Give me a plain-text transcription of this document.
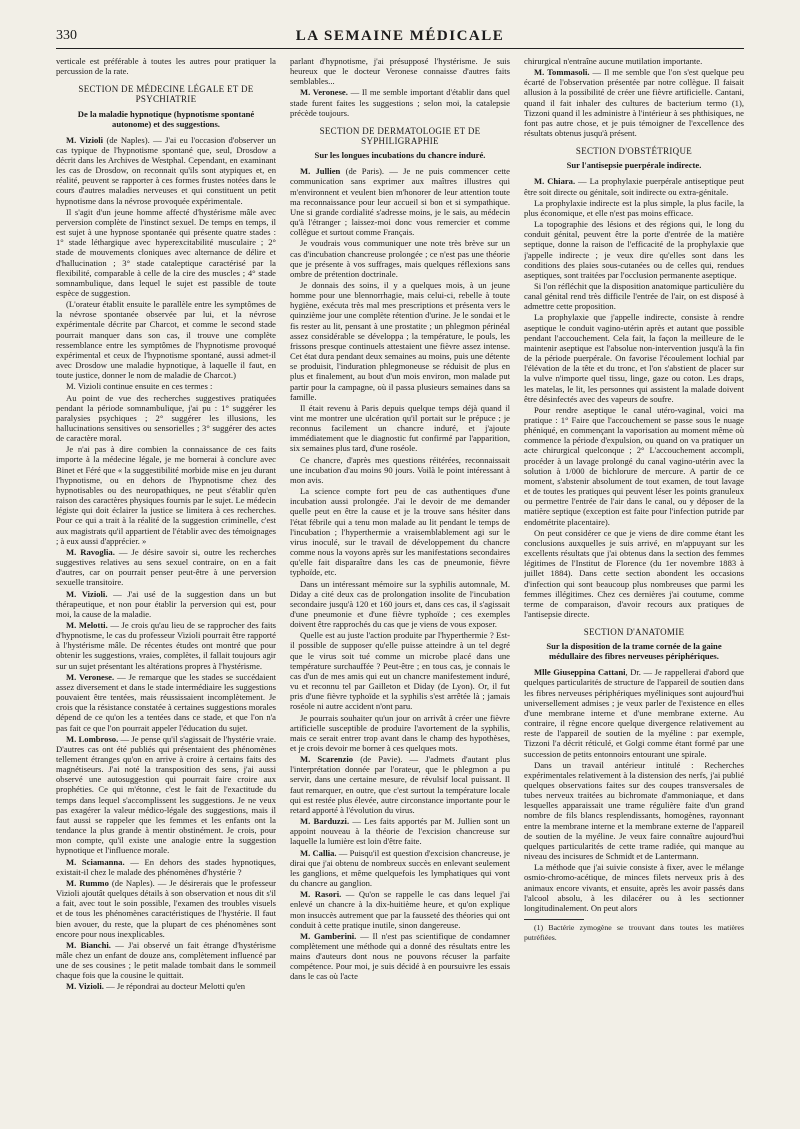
330	LA SEMAINE MÉDICALE

verticale est préférable à toutes les autres pour pratiquer la percussion de la rate.

SECTION DE MÉDECINE LÉGALE ET DE PSYCHIATRIE
De la maladie hypnotique (hypnotisme spontané autonome) et des suggestions.

M. Vizioli (de Naples). — J'ai eu l'occasion d'observer un cas typique de l'hypnotisme spontané que, seul, Drosdow a décrit dans les Archives de Westphal. Cependant, en examinant les cas de Drosdow, on reconnait qu'ils sont atypiques et, en réalité, peuvent se rapporter à ces formes frustes notées dans le cours d'autres maladies nerveuses et qui constituent un petit hypnotisme dans la névrose provoquée expérimentale.

Il s'agit d'un jeune homme affecté d'hystérisme mâle avec perversion complète de l'instinct sexuel. De temps en temps, il est sujet à une hypnose spontanée qui présente quatre stades : 1° stade léthargique avec hyperexcitabilité musculaire ; 2° stade de mouvements cloniques avec alternance de délire et d'hallucination ; 3° stade cataleptique caractérisé par la flexibilité, comparable à celle de la cire des muscles ; 4° stade somnambulique, dans lequel le sujet est passible de toute espèce de suggestion.

(L'orateur établit ensuite le parallèle entre les symptômes de la névrose spontanée observée par lui, et la névrose expérimentale décrite par Charcot, et comme le second stade pourrait manquer dans son cas, il trouve une complète ressemblance entre les symptômes de l'hypnotisme provoqué expérimental et ceux de l'hypnotisme spontané, aussi admet-il avec Drosdow une maladie hypnotique, à laquelle il faut, en toute justice, donner le nom de maladie de Charcot.)

M. Vizioli continue ensuite en ces termes :

Au point de vue des recherches suggestives pratiquées pendant la période somnambulique, j'ai pu : 1° suggérer les paralysies psychiques ; 2° suggérer les illusions, les hallucinations sensitives ou sensorielles ; 3° suggérer des actes de caractère moral.

Je n'ai pas à dire combien la connaissance de ces faits importe à la médecine légale, je me bornerai à conclure avec Binet et Féré que « la suggestibilité morbide mise en jeu durant l'hypnotisme, ou en dehors de l'hypnotisme chez des hypnotisables ou des neuropathiques, ne peut s'établir qu'en raison des caractères physiques fournis par le sujet. Le médecin légiste qui doit éclairer la justice se limitera à ces recherches. Pour ce qui a trait à la réalité de la suggestion criminelle, c'est aux magistrats qu'il appartient de l'établir avec des témoignages ; à eux aussi d'apprécier. »

M. Ravoglia. — Je désire savoir si, outre les recherches suggestives relatives au sens sexuel contraire, on en a fait d'autres, car on pourrait penser peut-être à une perversion sexuelle transitoire.

M. Vizioli. — J'ai usé de la suggestion dans un but thérapeutique, et non pour établir la perversion qui est, pour moi, la cause de la maladie.

M. Melotti. — Je crois qu'au lieu de se rapprocher des faits d'hypnotisme, le cas du professeur Vizioli pourrait être rapporté à l'hystérisme mâle. De récentes études ont montré que pour obtenir les suggestions, vraies, complètes, il fallait toujours agir sur un sujet présentant les altérations propres à l'hystérisme.

M. Veronese. — Je remarque que les stades se succédaient assez diversement et dans le stade intermédiaire les suggestions pouvaient être tentées, mais réussissaient incomplètement. Je crois que la résistance constatée à certaines suggestions morales dépend de ce qu'on les a tentées dans ce stade, et que l'on n'a pas fait ce que l'on pourrait appeler l'éducation du sujet.

M. Lombroso. — Je pense qu'il s'agissait de l'hystérie vraie. D'autres cas ont été publiés qui présentaient des phénomènes tellement étranges qu'on en arrive à croire à certains faits des magnétiseurs. J'ai noté la transposition des sens, j'ai aussi observé une autosuggestion qui pourrait faire croire aux prophéties. Ce qui m'étonne, c'est le fait de l'exactitude du temps dans lequel s'accomplissent les suggestions. Je ne veux pas exagérer la valeur médico-légale des suggestions, mais il faut aussi se rappeler que les femmes et les enfants ont la tendance la plus grande à mentir obstinément. Je crois, pour mon compte, qu'il existe une analogie entre la suggestion hypnotique et l'influence morale.

M. Sciamanna. — En dehors des stades hypnotiques, existait-il chez le malade des phénomènes d'hystérie ?

M. Rummo (de Naples). — Je désirerais que le professeur Vizioli ajoutât quelques détails à son observation et nous dit s'il a fait, avec tout le soin possible, l'examen des troubles visuels et de tous les phénomènes caractéristiques de l'hystérie. Il faut bien avouer, du reste, que la plupart de ces phénomènes sont encore pour nous inexplicables.

M. Bianchi. — J'ai observé un fait étrange d'hystérisme mâle chez un enfant de douze ans, complètement influencé par une de ses cousines ; le petit malade tombait dans le sommeil chaque fois que la cousine le quittait.

M. Vizioli. — Je répondrai au docteur Melotti qu'en

parlant d'hypnotisme, j'ai présupposé l'hystérisme. Je suis heureux que le docteur Veronese connaisse d'autres faits semblables...

M. Veronese. — Il me semble important d'établir dans quel stade furent faites les suggestions ; selon moi, la catalepsie précède toujours.

SECTION DE DERMATOLOGIE ET DE SYPHILIGRAPHIE
Sur les longues incubations du chancre induré.

M. Jullien (de Paris). — Je ne puis commencer cette communication sans exprimer aux maîtres illustres qui m'environnent et veulent bien m'honorer de leur attention toute ma reconnaissance pour leur accueil si bon et si sympathique. Une si grande cordialité s'adresse moins, je le sais, au médecin qu'à l'étranger ; laissez-moi donc vous remercier et comme collègue et surtout comme Français.

Je voudrais vous communiquer une note très brève sur un cas d'incubation chancreuse prolongée ; ce n'est pas une théorie que je présente à vos suffrages, mais quelques réflexions sans ombre de prétention doctrinale.

Je donnais des soins, il y a quelques mois, à un jeune homme pour une blennorrhagie, mais celui-ci, rebelle à toute hygiène, exécuta très mal mes prescriptions et présenta vers le quinzième jour une complète rétention d'urine. Je le sondai et le fis rester au lit, pensant à une prostatite ; un phlegmon périnéal assez considérable se développa ; la température, le pouls, les frissons presque continuels attestaient une fièvre assez intense. Cet état dura pendant deux semaines au moins, puis une détente se produisit, l'induration phlegmoneuse se réduisit de plus en plus et finalement, au bout d'un mois environ, mon malade put partir pour la campagne, où il passa plusieurs semaines dans sa famille.

Il était revenu à Paris depuis quelque temps déjà quand il vint me montrer une ulcération qu'il portait sur le prépuce ; je reconnus facilement un chancre induré, et j'ajoute immédiatement que le diagnostic fut confirmé par l'apparition, six semaines plus tard, d'une roséole.

Ce chancre, d'après mes questions réitérées, reconnaissait une incubation d'au moins 90 jours. Voilà le point intéressant à mon avis.

La science compte fort peu de cas authentiques d'une incubation aussi prolongée. J'ai le devoir de me demander quelle peut en être la cause et je la trouve sans hésiter dans l'état fébrile qui a tenu mon malade au lit pendant le temps de l'incubation ; l'hyperthermie a vraisemblablement agi sur le virus inoculé, sur le travail de développement du chancre comme nous la voyons après sur les manifestations secondaires qu'elle fait disparaître dans les cas de pneumonie, fièvre typhoïde, etc.

Dans un intéressant mémoire sur la syphilis automnale, M. Diday a cité deux cas de prolongation insolite de l'incubation secondaire jusqu'à 120 et 160 jours et, dans ces cas, il s'agissait d'une pneumonie et d'une fièvre typhoïde ; ces exemples doivent être rapprochés du cas que je viens de vous exposer.

Quelle est au juste l'action produite par l'hyperthermie ? Est-il possible de supposer qu'elle puisse atteindre à un tel degré que le virus soit tué comme un microbe placé dans une température surchauffée ? Peut-être ; en tous cas, je connais le cas d'un de mes amis qui eut un chancre manifestement induré, vu et reconnu tel par Gailleton et Diday (de Lyon). Or, il fut pris d'une fièvre typhoïde et la syphilis s'est arrêtée là ; jamais roséole ni autre accident n'ont paru.

Je pourrais souhaiter qu'un jour on arrivât à créer une fièvre artificielle susceptible de produire l'avortement de la syphilis, mais ce serait entrer trop avant dans le champ des hypothèses, et je crois devoir me borner à ces quelques mots.

M. Scarenzio (de Pavie). — J'admets d'autant plus l'interprétation donnée par l'orateur, que le phlegmon a pu servir, dans une certaine mesure, de révulsif local puissant. Il faut remarquer, en outre, que c'est surtout la température locale qui est restée plus élevée, autre circonstance importante pour le retard apporté à l'évolution du virus.

M. Barduzzi. — Les faits apportés par M. Jullien sont un appoint nouveau à la théorie de l'excision chancreuse sur laquelle la lumière est loin d'être faite.

M. Callia. — Puisqu'il est question d'excision chancreuse, je dirai que j'ai obtenu de nombreux succès en enlevant seulement les ganglions, et même quelquefois les lymphatiques qui vont du chancre au ganglion.

M. Rasori. — Qu'on se rappelle le cas dans lequel j'ai enlevé un chancre à la dix-huitième heure, et qu'on explique mon insuccès autrement que par la fausseté des théories qui ont conduit à cette pratique inutile, sinon dangereuse.

M. Gamberini. — Il n'est pas scientifique de condamner complètement une méthode qui a donné des résultats entre les mains d'auteurs dont nous ne pouvons récuser la parfaite compétence. Pour moi, je suis décidé à en poursuivre les essais dans le cas où l'acte

chirurgical n'entraîne aucune mutilation importante.

M. Tommasoli. — Il me semble que l'on s'est quelque peu écarté de l'observation présentée par notre collègue. Il faisait allusion à la possibilité de créer une fièvre artificielle. Cantani, quand il fait inhaler des cultures de bacterium termo (1), Tizzoni quand il les administre à l'intérieur à ses phthisiques, ne font pas autre chose, et je puis témoigner de l'excellence des résultats obtenus jusqu'à présent.

SECTION D'OBSTÉTRIQUE
Sur l'antisepsie puerpérale indirecte.

M. Chiara. — La prophylaxie puerpérale antiseptique peut être soit directe ou génitale, soit indirecte ou extra-génitale.

La prophylaxie indirecte est la plus simple, la plus facile, la plus économique, et elle n'est pas moins efficace.

La topographie des lésions et des régions qui, le long du conduit génital, peuvent être la porte d'entrée de la matière septique, donne la raison de l'efficacité de la prophylaxie que j'appelle indirecte ; je veux dire qu'elles sont dans les conditions des plaies sous-cutanées ou de celles qui, rendues aseptiques, sont traitées par l'occlusion permanente aseptique.

Si l'on réfléchit que la disposition anatomique particulière du canal génital rend très difficile l'entrée de l'air, on est disposé à admettre cette proposition.

La prophylaxie que j'appelle indirecte, consiste à rendre aseptique le conduit vagino-utérin après et autant que possible pendant l'accouchement. Cela fait, la façon la meilleure de le maintenir aseptique est l'absolue non-intervention jusqu'à la fin de la période puerpérale. On favorise l'écoulement lochial par l'élévation de la tête et du tronc, et l'on s'abstient de placer sur la vulve n'importe quel tissu, linge, gaze ou coton. Les draps, les matelas, le lit, les personnes qui assistent la malade doivent être désinfectés avec des vapeurs de soufre.

Pour rendre aseptique le canal utéro-vaginal, voici ma pratique : 1° Faire que l'accouchement se passe sous le nuage phéniqué, en commençant la vaporisation au moment même où commence la période d'expulsion, ou quand on va pratiquer un acte chirurgical quelconque ; 2° L'accouchement accompli, procéder à un lavage prolongé du canal vagino-utérin avec la solution à 1/000 de bichlorure de mercure. A partir de ce moment, s'abstenir absolument de tout examen, de tout lavage et de toutes les pratiques qui peuvent léser les points granuleux ou permettre l'entrée de l'air dans le canal, ou y déposer de la matière septique (exception est faite pour l'infection putride par endométrite placentaire).

On peut considérer ce que je viens de dire comme étant les conclusions auxquelles je suis arrivé, en m'appuyant sur les excellents résultats que j'ai obtenus dans la section des femmes légitimes de l'Institut de Florence (du 1er novembre 1883 à juillet 1884). Dans cette section abondent les occasions d'infection qui sont beaucoup plus nombreuses que parmi les femmes illégitimes. Chez ces dernières j'ai coutume, comme terme de comparaison, d'avoir recours aux pratiques de l'antisepsie directe.

SECTION D'ANATOMIE
Sur la disposition de la trame cornée de la gaine médullaire des fibres nerveuses périphériques.

Mlle Giuseppina Cattani, Dr. — Je rappellerai d'abord que quelques particularités de structure de l'appareil de soutien dans les fibres nerveuses périphériques myéliniques sont aujourd'hui universellement admises ; je veux parler de l'existence en elles d'une membrane interne et d'une membrane externe. Au contraire, il règne encore quelque divergence relativement au reste de l'appareil de soutien de la myéline : par exemple, Tizzoni l'a décrit réticulé, et Golgi comme étant formé par une succession de petits entonnoirs entourant une spirale.

Dans un travail antérieur intitulé : Recherches expérimentales relativement à la distension des nerfs, j'ai publié quelques observations faites sur des coupes transversales de tubes nerveux traitées au bichromate d'ammoniaque, et dans lesquelles apparaissait une trame régulière faite d'un grand nombre de fils blancs resplendissants, homogènes, rayonnant entre la membrane interne et la membrane externe de l'appareil de soutien de la myéline. Je veux faire connaître aujourd'hui quelques particularités de cette trame radiée, qui manque au niveau des incisures de Schmidt et de Lantermann.

La méthode que j'ai suivie consiste à fixer, avec le mélange osmio-chromo-acétique, de minces filets nerveux pris à des animaux encore vivants, et ensuite, après les avoir passés dans l'alcool absolu, à les dilacérer ou à les sectionner longitudinalement. On peut alors

(1) Bactérie zymogène se trouvant dans toutes les matières putréfiées.
